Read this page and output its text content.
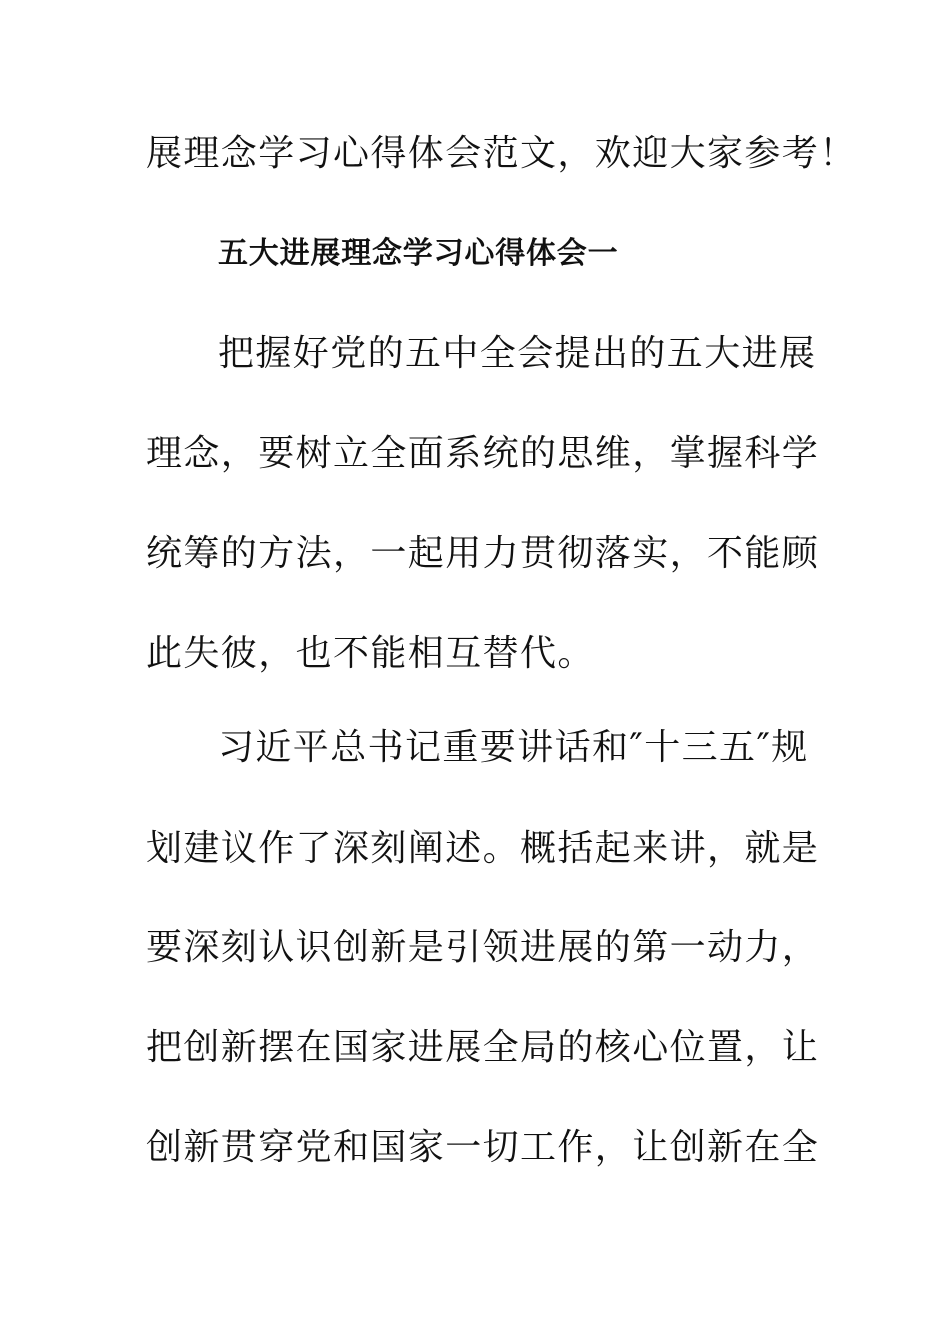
展理念学习心得体会范文，欢迎大家参考！

五大进展理念学习心得体会一

把握好党的五中全会提出的五大进展

理念，要树立全面系统的思维，掌握科学

统筹的方法，一起用力贯彻落实，不能顾

此失彼，也不能相互替代。

习近平总书记重要讲话和″十三五″规

划建议作了深刻阐述。概括起来讲，就是

要深刻认识创新是引领进展的第一动力，

把创新摆在国家进展全局的核心位置，让

创新贯穿党和国家一切工作，让创新在全
